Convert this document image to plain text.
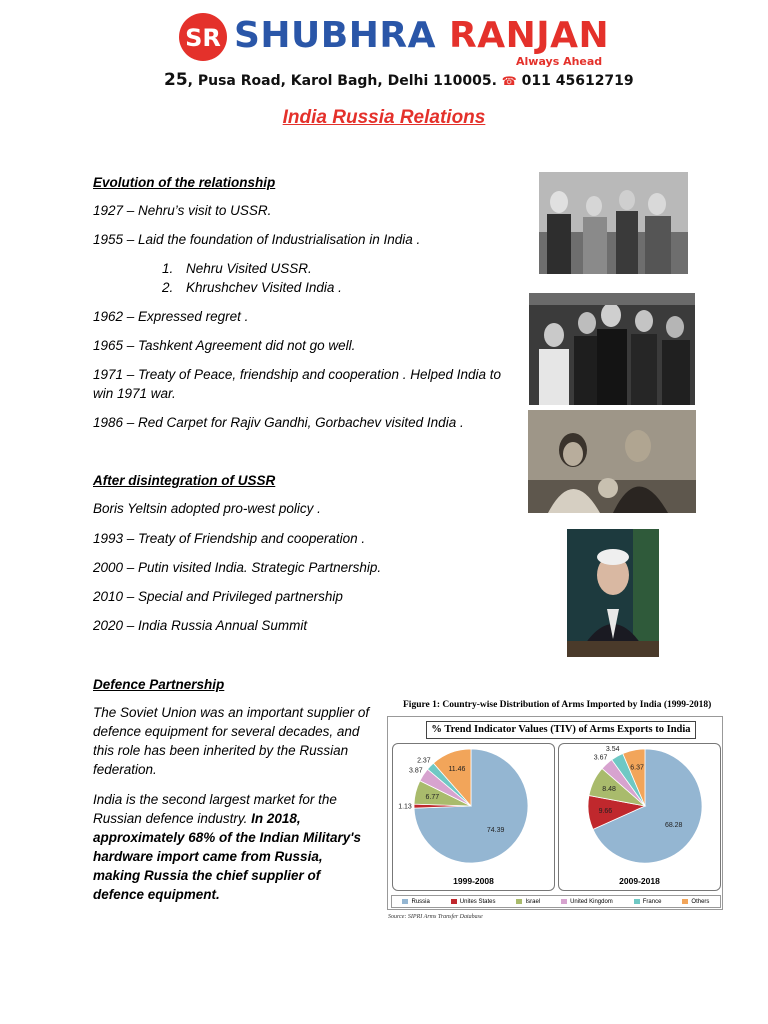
SR SHUBHRA RANJAN
Always Ahead
25, Pusa Road, Karol Bagh, Delhi 110005. ☎ 011 45612719
India Russia Relations
Evolution of the relationship
1927 – Nehru’s visit to USSR.
1955 – Laid the foundation of Industrialisation in India .
1. Nehru Visited USSR.
2. Khrushchev Visited India .
1962 – Expressed regret .
1965 – Tashkent Agreement did not go well.
1971 – Treaty of Peace, friendship and cooperation . Helped India to win 1971 war.
1986 – Red Carpet for Rajiv Gandhi, Gorbachev visited India .
After disintegration of USSR
Boris Yeltsin adopted pro-west policy .
1993 – Treaty of Friendship and cooperation .
2000 – Putin visited India. Strategic Partnership.
2010 – Special and Privileged partnership
2020 – India Russia Annual Summit
Defence Partnership
The Soviet Union was an important supplier of defence equipment for several decades, and this role has been inherited by the Russian federation.
India is the second largest market for the Russian defence industry. In 2018, approximately 68% of the Indian Military's hardware import came from Russia, making Russia the chief supplier of defence equipment.
Figure 1: Country-wise Distribution of Arms Imported by India (1999-2018)
% Trend Indicator Values (TIV) of Arms Exports to India
74.39
1.13
6.77
3.87
2.37
11.46
1999-2008
68.28
9.66
8.48
3.67
3.54
6.37
2009-2018
Russia	Unites States	Israel	United Kingdom	France	Others
Source: SIPRI Arms Transfer Database
